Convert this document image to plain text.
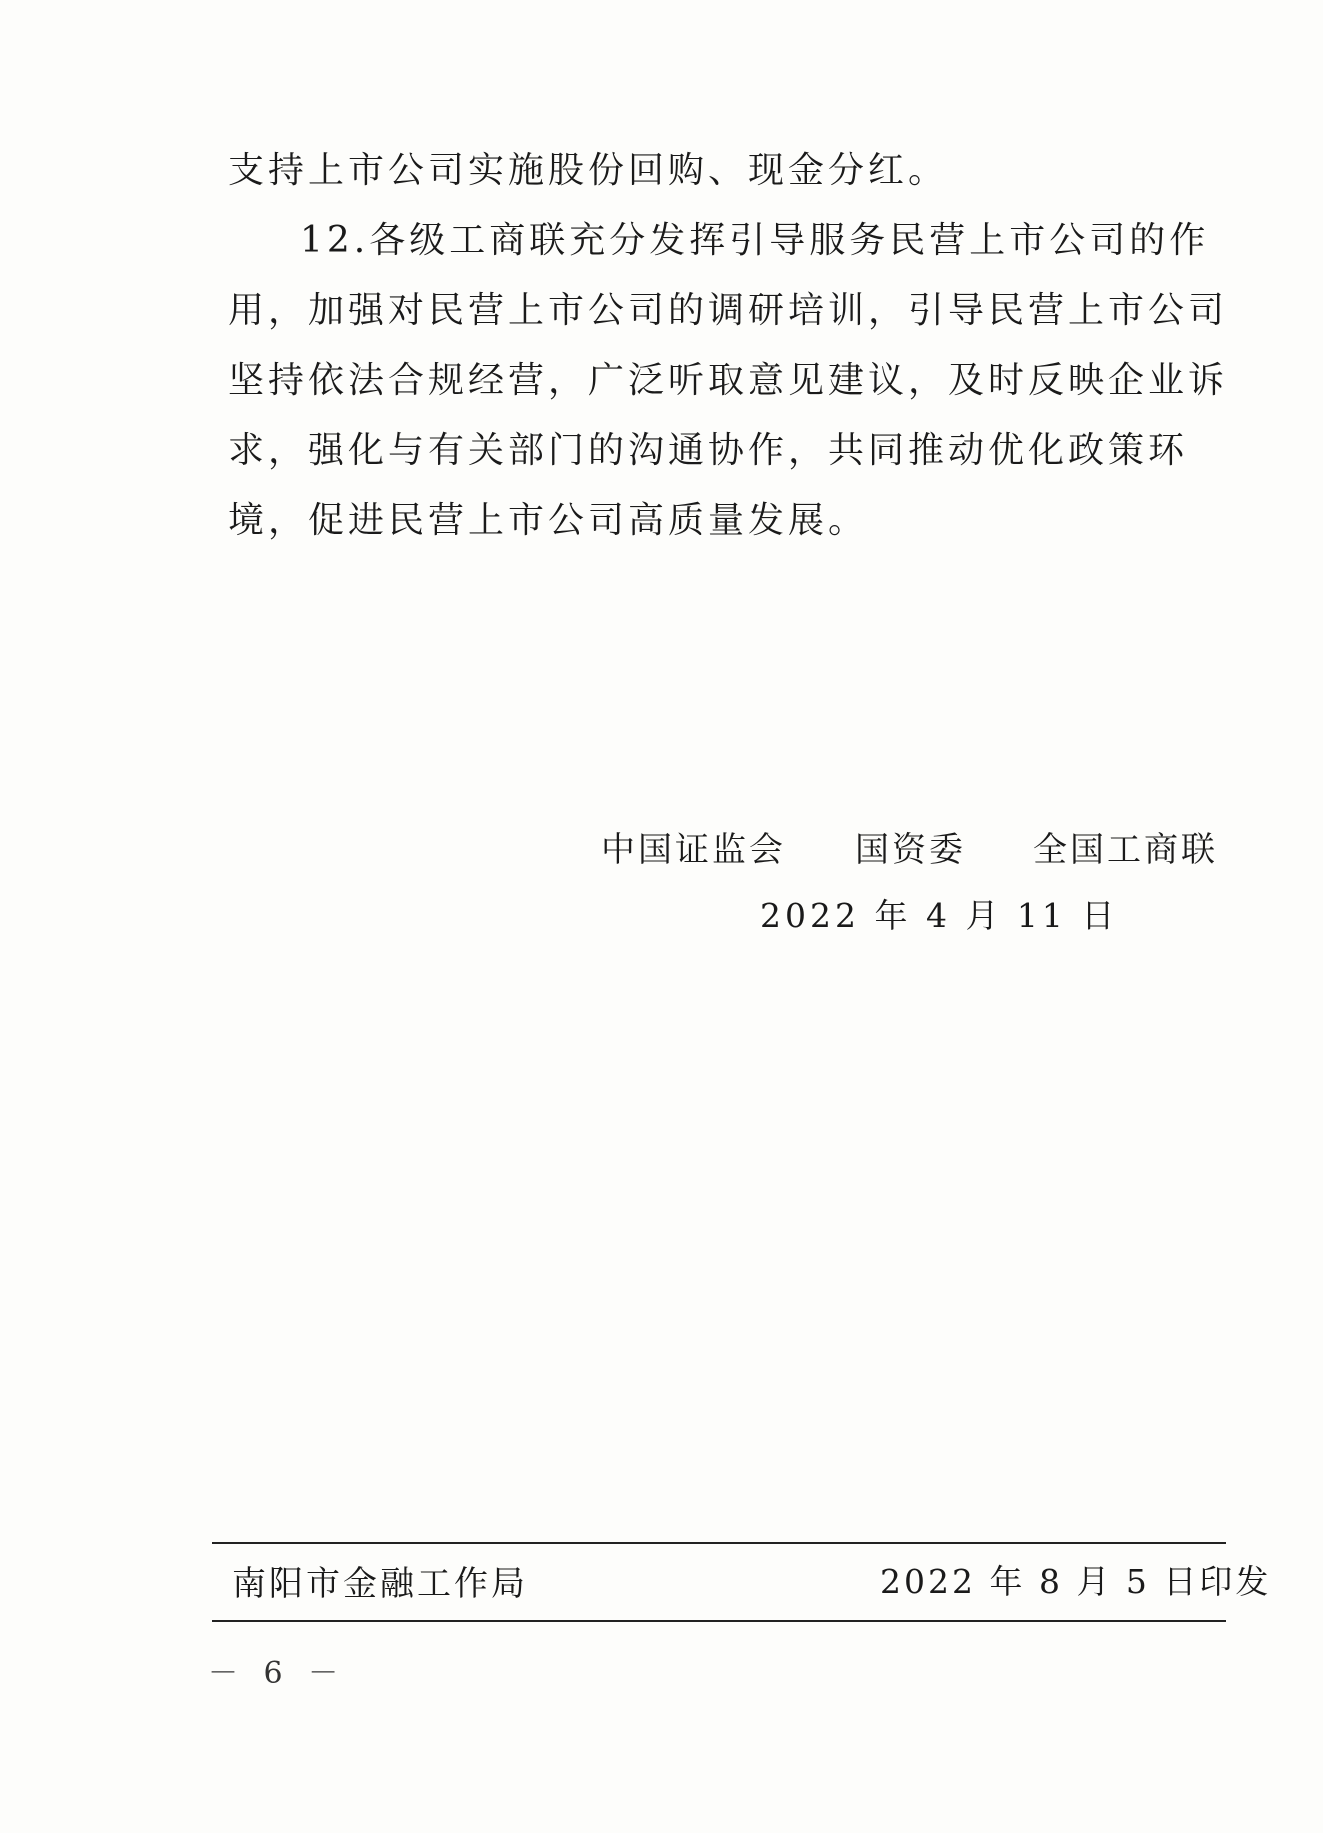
支持上市公司实施股份回购、现金分红。

12.各级工商联充分发挥引导服务民营上市公司的作用，加强对民营上市公司的调研培训，引导民营上市公司坚持依法合规经营，广泛听取意见建议，及时反映企业诉求，强化与有关部门的沟通协作，共同推动优化政策环境，促进民营上市公司高质量发展。

中国证监会 国资委 全国工商联
2022 年 4 月 11 日
南阳市金融工作局	2022 年 8 月 5 日印发
－ 6 －
